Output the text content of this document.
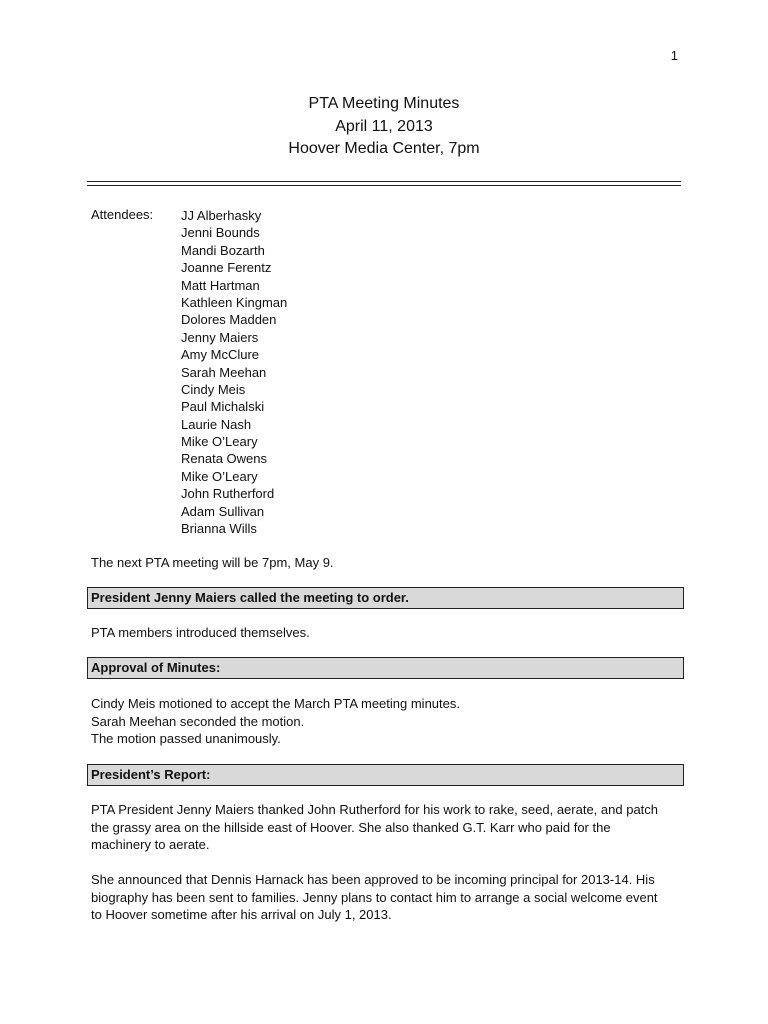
1
PTA Meeting Minutes
April 11, 2013
Hoover Media Center, 7pm
Attendees:	JJ Alberhasky
Jenni Bounds
Mandi Bozarth
Joanne Ferentz
Matt Hartman
Kathleen Kingman
Dolores Madden
Jenny Maiers
Amy McClure
Sarah Meehan
Cindy Meis
Paul Michalski
Laurie Nash
Mike O’Leary
Renata Owens
Mike O’Leary
John Rutherford
Adam Sullivan
Brianna Wills
The next PTA meeting will be 7pm, May 9.
President Jenny Maiers called the meeting to order.
PTA members introduced themselves.
Approval of Minutes:

Cindy Meis motioned to accept the March PTA meeting minutes.

Sarah Meehan seconded the motion.

The motion passed unanimously.

President’s Report:
PTA President Jenny Maiers thanked John Rutherford for his work to rake, seed, aerate, and patch the grassy area on the hillside east of Hoover. She also thanked G.T. Karr who paid for the machinery to aerate.
She announced that Dennis Harnack has been approved to be incoming principal for 2013-14. His biography has been sent to families. Jenny plans to contact him to arrange a social welcome event to Hoover sometime after his arrival on July 1, 2013.
